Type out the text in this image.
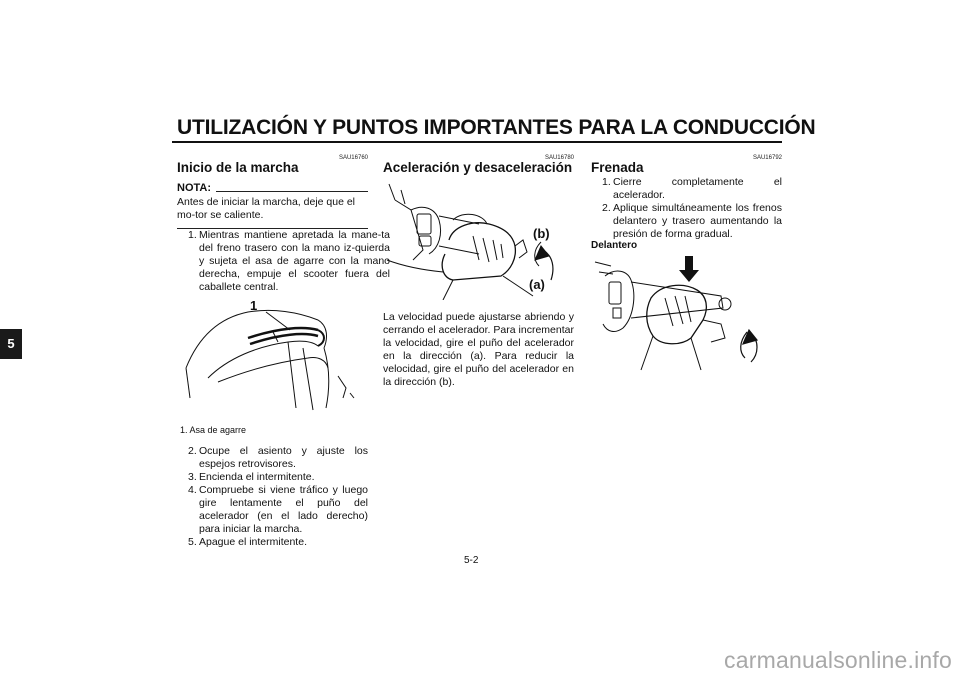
UTILIZACIÓN Y PUNTOS IMPORTANTES PARA LA CONDUCCIÓN
5
SAU16760
Inicio de la marcha
NOTA:
Antes de iniciar la marcha, deje que el mo-tor se caliente.
1. Mientras mantiene apretada la mane-ta del freno trasero con la mano iz-quierda y sujeta el asa de agarre con la mano derecha, empuje el scooter fuera del caballete central.
1
1. Asa de agarre
2. Ocupe el asiento y ajuste los espejos retrovisores.
3. Encienda el intermitente.
4. Compruebe si viene tráfico y luego gire lentamente el puño del acelerador (en el lado derecho) para iniciar la marcha.
5. Apague el intermitente.
SAU16780
Aceleración y desaceleración
(b)
(a)
La velocidad puede ajustarse abriendo y cerrando el acelerador. Para incrementar la velocidad, gire el puño del acelerador en la dirección (a). Para reducir la velocidad, gire el puño del acelerador en la dirección (b).
SAU16792
Frenada
1. Cierre completamente el acelerador.
2. Aplique simultáneamente los frenos delantero y trasero aumentando la presión de forma gradual.
Delantero
5-2
carmanualsonline.info
